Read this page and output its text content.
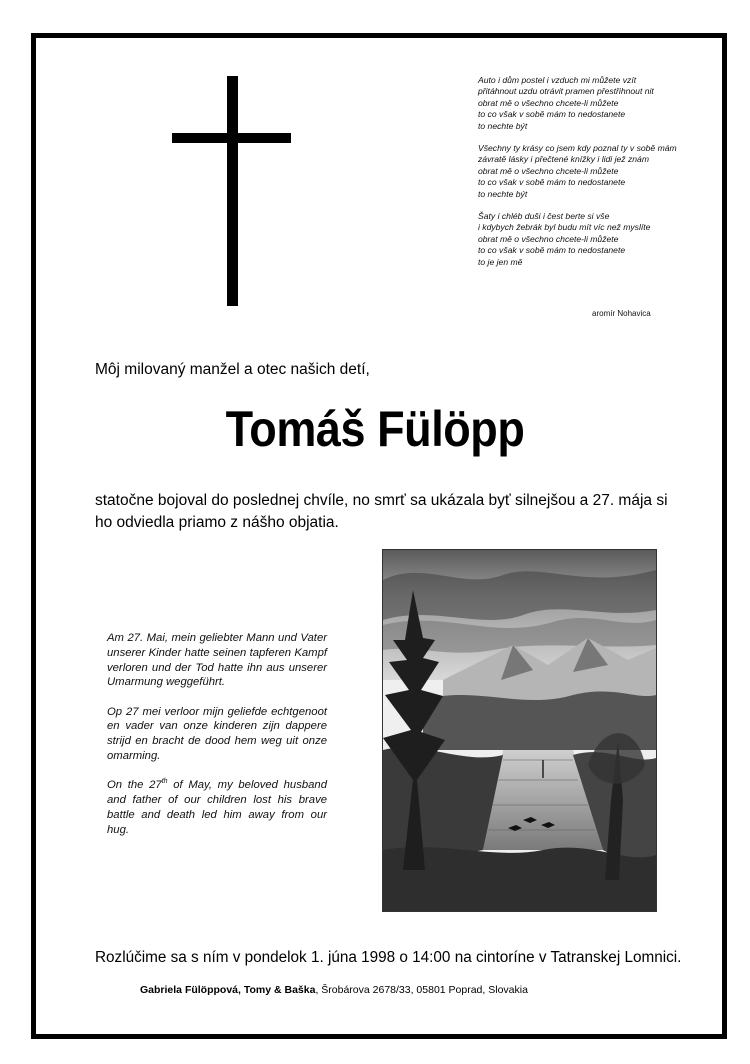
Auto i dům postel i vzduch mi můžete vzít
přitáhnout uzdu otrávit pramen přestřihnout nit
obrat mě o všechno chcete-li můžete
to co však v sobě mám to nedostanete
to nechte být
Všechny ty krásy co jsem kdy poznal ty v sobě mám
závratě lásky i přečtené knížky i lidi jež znám
obrat mě o všechno chcete-li můžete
to co však v sobě mám to nedostanete
to nechte být
Šaty i chléb duši i čest berte si vše
i kdybych žebrák byl budu mít víc než myslíte
obrat mě o všechno chcete-li můžete
to co však v sobě mám to nedostanete
to je jen mě
aromír Nohavica
Môj milovaný manžel a otec našich detí,
Tomáš Fülöpp
statočne bojoval do poslednej chvíle, no smrť sa ukázala byť silnejšou a 27. mája si ho odviedla priamo z nášho objatia.

Am 27. Mai, mein geliebter Mann und Vater unserer Kinder hatte seinen tapferen Kampf verloren und der Tod hatte ihn aus unserer Umarmung weggeführt.

Op 27 mei verloor mijn geliefde echtgenoot en vader van onze kinderen zijn dappere strijd en bracht de dood hem weg uit onze omarming.

On the 27th of May, my beloved husband and father of our children lost his brave battle and death led him away from our hug.

Rozlúčime sa s ním v pondelok 1. júna 1998 o 14:00 na cintoríne v Tatranskej Lomnici.
Gabriela Fülöppová, Tomy & Baška, Šrobárova 2678/33, 05801 Poprad, Slovakia
